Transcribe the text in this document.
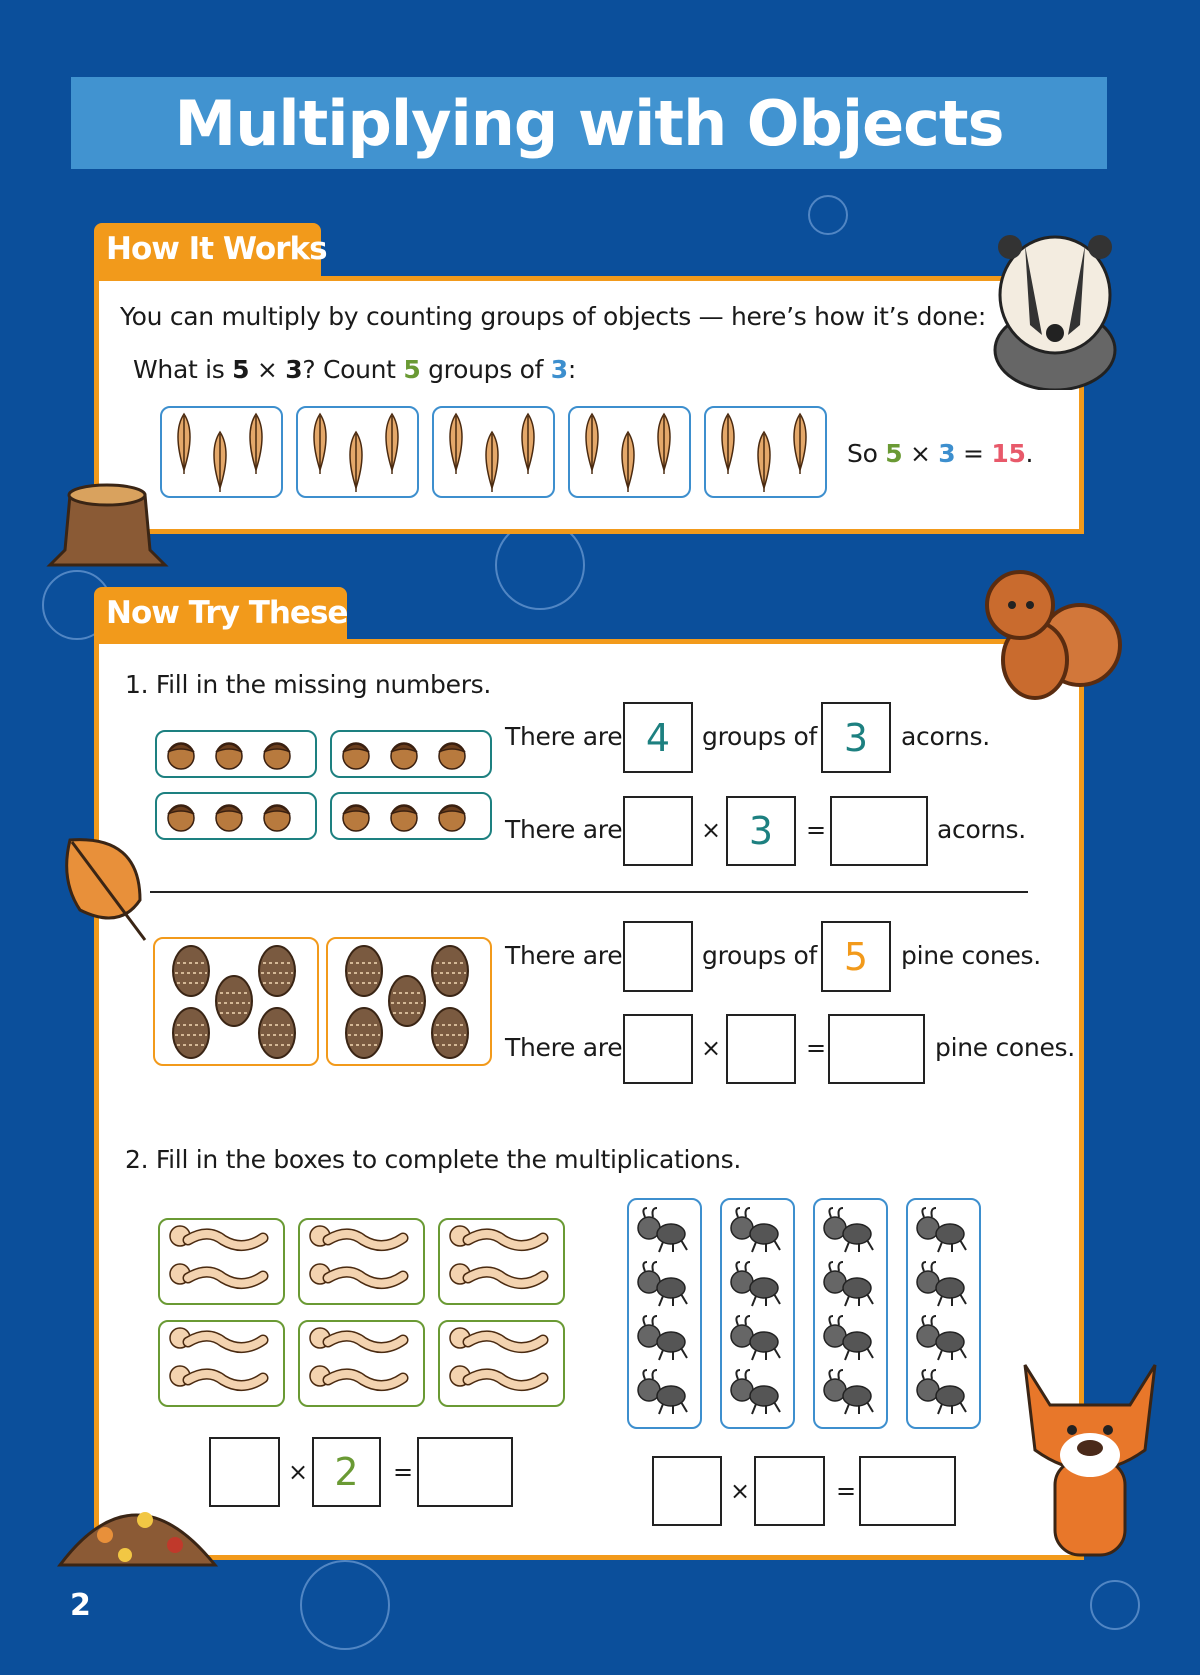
Multiplying with Objects
How It Works
You can multiply by counting groups of objects — here’s how it’s done:
What is 5 × 3? Count 5 groups of 3:
So 5 × 3 = 15.
Now Try These
1. Fill in the missing numbers.
There are 4	groups of 3	acorns.
There are	× 3	=	acorns.
There are	groups of 5	pine cones.
There are	×	=	pine cones.
2. Fill in the boxes to complete the multiplications.
× 2	=
×	=
2
